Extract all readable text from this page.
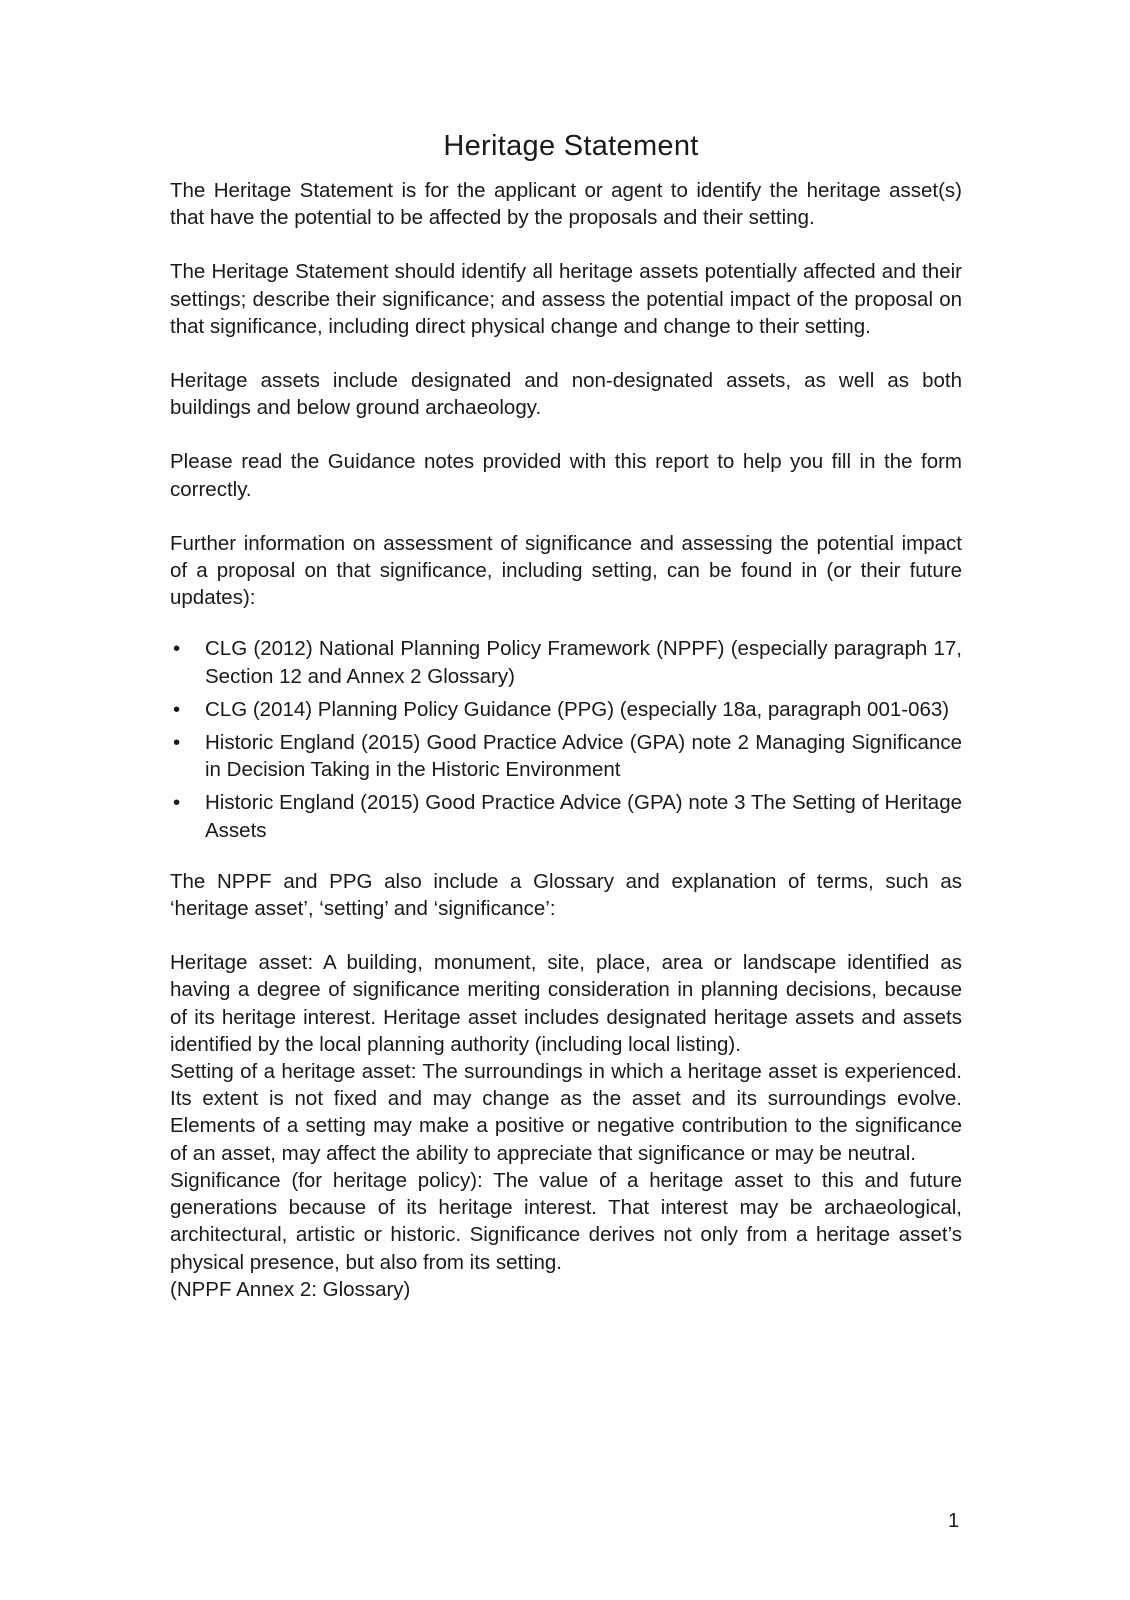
Heritage Statement

The Heritage Statement is for the applicant or agent to identify the heritage asset(s) that have the potential to be affected by the proposals and their setting.

The Heritage Statement should identify all heritage assets potentially affected and their settings; describe their significance; and assess the potential impact of the proposal on that significance, including direct physical change and change to their setting.

Heritage assets include designated and non-designated assets, as well as both buildings and below ground archaeology.

Please read the Guidance notes provided with this report to help you fill in the form correctly.

Further information on assessment of significance and assessing the potential impact of a proposal on that significance, including setting, can be found in (or their future updates):

• CLG (2012) National Planning Policy Framework (NPPF) (especially paragraph 17, Section 12 and Annex 2 Glossary)
• CLG (2014) Planning Policy Guidance (PPG) (especially 18a, paragraph 001-063)
• Historic England (2015) Good Practice Advice (GPA) note 2 Managing Significance in Decision Taking in the Historic Environment
• Historic England (2015) Good Practice Advice (GPA) note 3 The Setting of Heritage Assets

The NPPF and PPG also include a Glossary and explanation of terms, such as ‘heritage asset’, ‘setting’ and ‘significance’:

Heritage asset: A building, monument, site, place, area or landscape identified as having a degree of significance meriting consideration in planning decisions, because of its heritage interest. Heritage asset includes designated heritage assets and assets identified by the local planning authority (including local listing).

Setting of a heritage asset: The surroundings in which a heritage asset is experienced. Its extent is not fixed and may change as the asset and its surroundings evolve. Elements of a setting may make a positive or negative contribution to the significance of an asset, may affect the ability to appreciate that significance or may be neutral.

Significance (for heritage policy): The value of a heritage asset to this and future generations because of its heritage interest. That interest may be archaeological, architectural, artistic or historic. Significance derives not only from a heritage asset’s physical presence, but also from its setting.

(NPPF Annex 2: Glossary)

1
